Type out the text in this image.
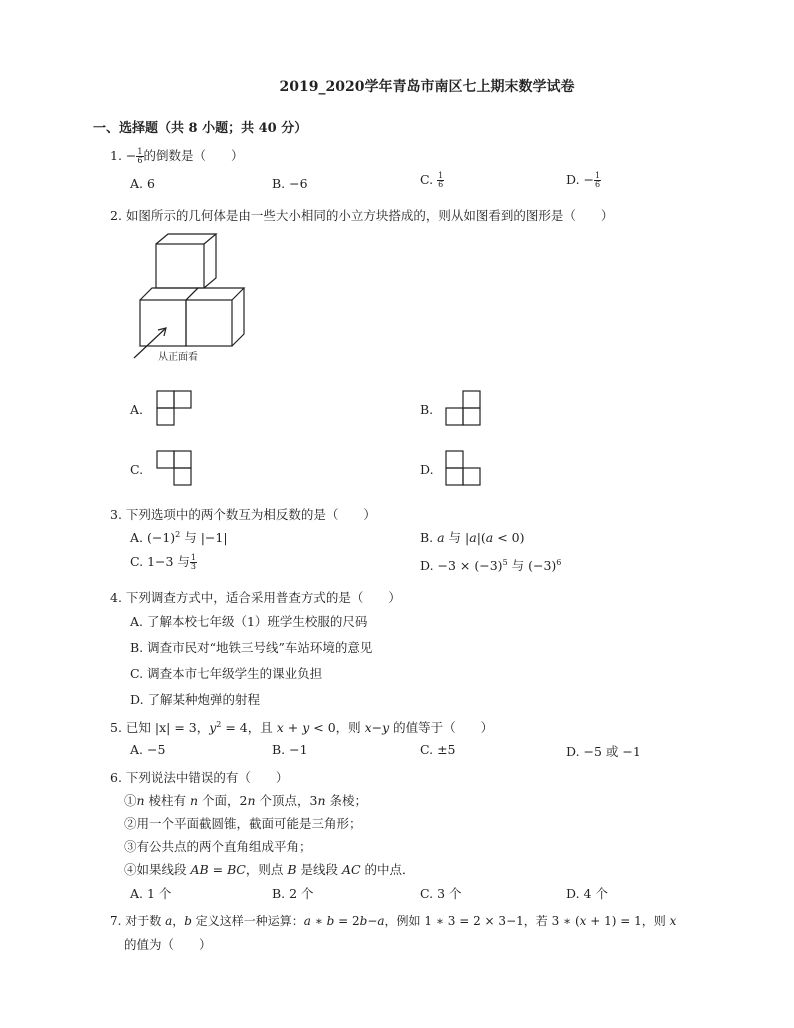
2019_2020学年青岛市南区七上期末数学试卷
一、选择题（共 8 小题；共 40 分）
1. − $\frac{1}{6}$ 的倒数是（　　）
A. 6	B. −6	C. $\frac{1}{6}$	D. − $\frac{1}{6}$
2. 如图所示的几何体是由一些大小相同的小立方块搭成的，则从如图看到的图形是（　　）
从正面看
A.	B.
C.	D.
3. 下列选项中的两个数互为相反数的是（　　）
A. $(-1)^2$ 与 |−1|	B. 𝑎 与 |𝑎|(𝑎 < 0)
C. 1−3 与 $\frac{1}{3}$	D. $-3 \times (-3)^5$ 与 $(-3)^6$
4. 下列调查方式中，适合采用普查方式的是（　　）
A. 了解本校七年级（1）班学生校服的尺码
B. 调查市民对“地铁三号线”车站环境的意见
C. 调查本市七年级学生的课业负担
D. 了解某种炮弹的射程
5. 已知 |x| = 3，𝑦$^2$ = 4，且 𝑥 + 𝑦 < 0，则 𝑥−𝑦 的值等于（　　）
A. −5	B. −1	C. ±5	D. −5 或 −1
6. 下列说法中错误的有（　　）
①𝑛 棱柱有 𝑛 个面，2𝑛 个顶点，3𝑛 条棱；
②用一个平面截圆锥，截面可能是三角形；
③有公共点的两个直角组成平角；
④如果线段 𝐴𝐵 = 𝐵𝐶，则点 𝐵 是线段 𝐴𝐶 的中点．
A. 1 个	B. 2 个	C. 3 个	D. 4 个
7. 对于数 𝑎，𝑏 定义这样一种运算：𝑎 ∗ 𝑏 = 2𝑏−𝑎，例如 1 ∗ 3 = 2 × 3−1，若 3 ∗ (𝑥 + 1) = 1，则 𝑥
的值为（　　）
